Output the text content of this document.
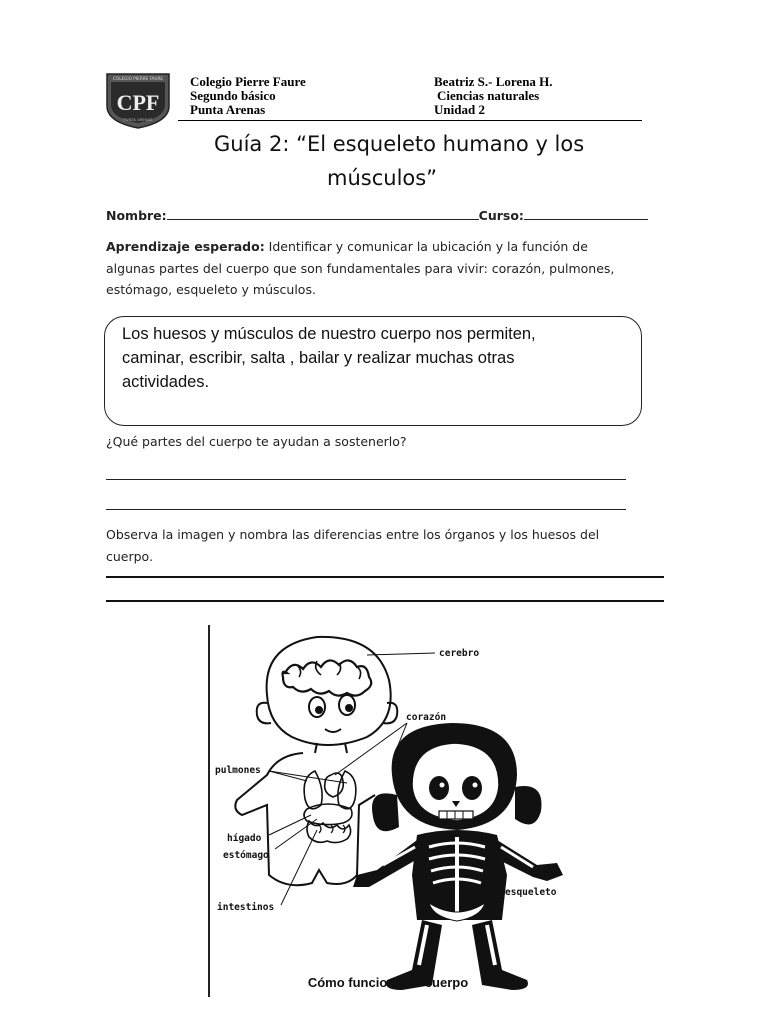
COLEGIO PIERRE FAURE
CPF
PUNTA ARENAS
Colegio Pierre Faure
Segundo básico
Punta Arenas
Beatriz S.- Lorena H.
Ciencias naturales
Unidad 2
Guía 2: “El esqueleto humano y los
músculos”
Nombre:	Curso:
Aprendizaje esperado: Identificar y comunicar la ubicación y la función de
algunas partes del cuerpo que son fundamentales para vivir: corazón, pulmones,
estómago, esqueleto y músculos.
Los huesos y músculos de nuestro cuerpo nos permiten,
caminar, escribir, salta , bailar y realizar muchas otras
actividades.
¿Qué partes del cuerpo te ayudan a sostenerlo?
Observa la imagen y nombra las diferencias entre los órganos y los huesos del
cuerpo.
cerebro
corazón
pulmones
hígado
estómago
intestinos
esqueleto
Cómo funciona mi cuerpo
